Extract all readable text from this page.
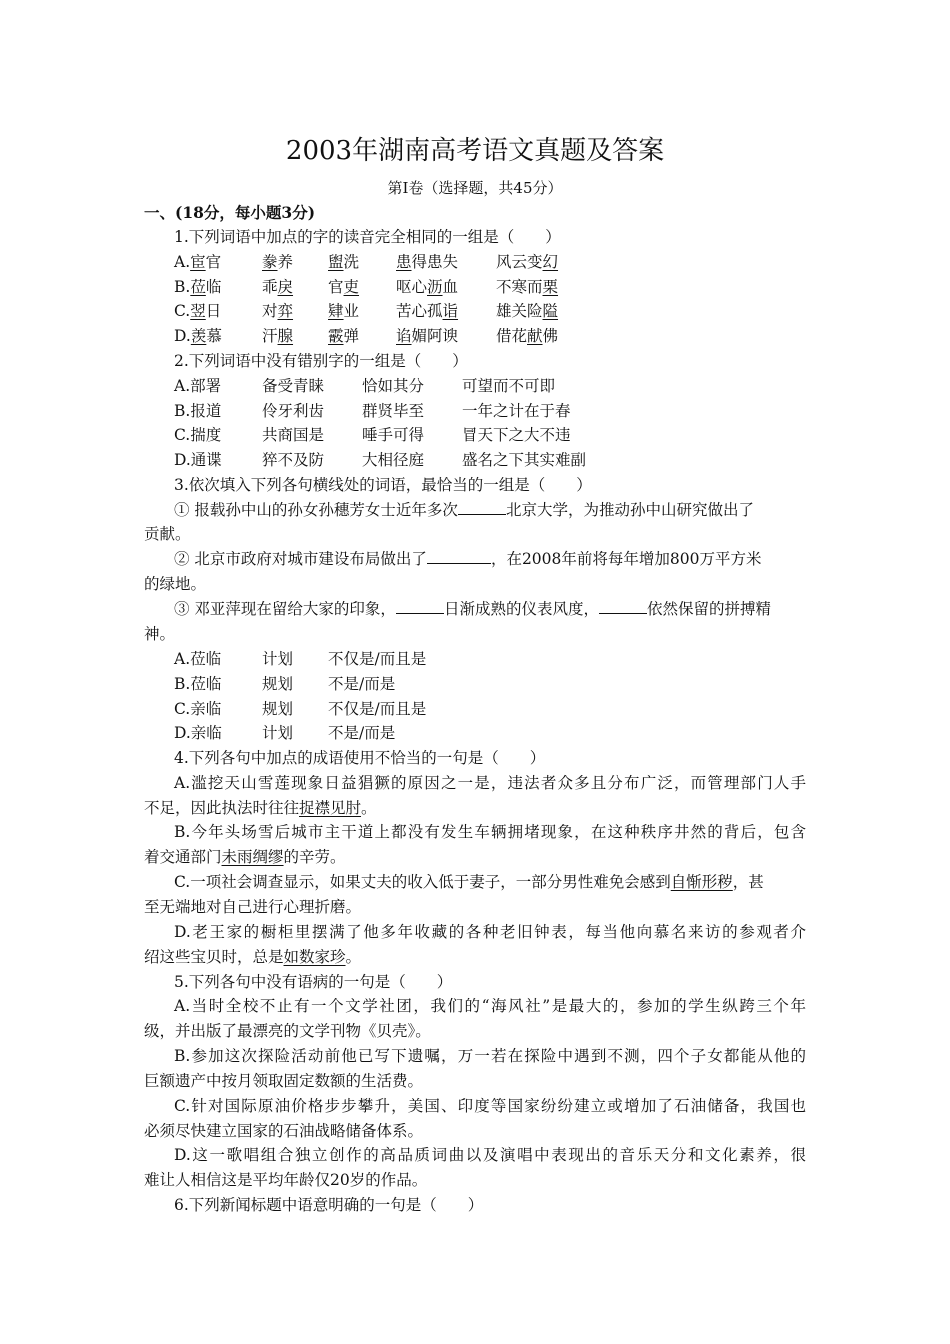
2003年湖南高考语文真题及答案
第Ⅰ卷（选择题，共45分）
一、(18分，每小题3分)
1.下列词语中加点的字的读音完全相同的一组是（　　）
A.宦官	豢养 盥洗 患得患失 风云变幻
B.莅临	乖戾 官吏 呕心沥血 不寒而栗
C.翌日	对弈 肄业 苦心孤诣 雄关险隘
D.羡慕	汗腺 霰弹 谄媚阿谀 借花献佛
2.下列词语中没有错别字的一组是（　　）
A.部署	备受青睐 恰如其分 可望而不可即
B.报道	伶牙利齿 群贤毕至 一年之计在于春
C.揣度	共商国是 唾手可得 冒天下之大不违
D.通谍	猝不及防 大相径庭 盛名之下其实难副
3.依次填入下列各句横线处的词语，最恰当的一组是（　　）
① 报载孙中山的孙女孙穗芳女士近年多次	北京大学，为推动孙中山研究做出了
贡献。
② 北京市政府对城市建设布局做出了	，在2008年前将每年增加800万平方米
的绿地。
③ 邓亚萍现在留给大家的印象，	日渐成熟的仪表风度，	依然保留的拼搏精
神。
A.莅临	计划 不仅是/而且是
B.莅临	规划 不是/而是
C.亲临	规划 不仅是/而且是
D.亲临	计划 不是/而是
4.下列各句中加点的成语使用不恰当的一句是（　　）
A.滥挖天山雪莲现象日益猖獗的原因之一是，违法者众多且分布广泛，而管理部门人手
不足，因此执法时往往捉襟见肘。
B.今年头场雪后城市主干道上都没有发生车辆拥堵现象，在这种秩序井然的背后，包含
着交通部门未雨绸缪的辛劳。
C.一项社会调查显示，如果丈夫的收入低于妻子，一部分男性难免会感到自惭形秽，甚
至无端地对自己进行心理折磨。
D.老王家的橱柜里摆满了他多年收藏的各种老旧钟表，每当他向慕名来访的参观者介
绍这些宝贝时，总是如数家珍。
5.下列各句中没有语病的一句是（　　）
A.当时全校不止有一个文学社团，我们的“海风社”是最大的，参加的学生纵跨三个年
级，并出版了最漂亮的文学刊物《贝壳》。
B.参加这次探险活动前他已写下遗嘱，万一若在探险中遇到不测，四个子女都能从他的
巨额遗产中按月领取固定数额的生活费。
C.针对国际原油价格步步攀升，美国、印度等国家纷纷建立或增加了石油储备，我国也
必须尽快建立国家的石油战略储备体系。
D.这一歌唱组合独立创作的高品质词曲以及演唱中表现出的音乐天分和文化素养，很
难让人相信这是平均年龄仅20岁的作品。
6.下列新闻标题中语意明确的一句是（　　）
